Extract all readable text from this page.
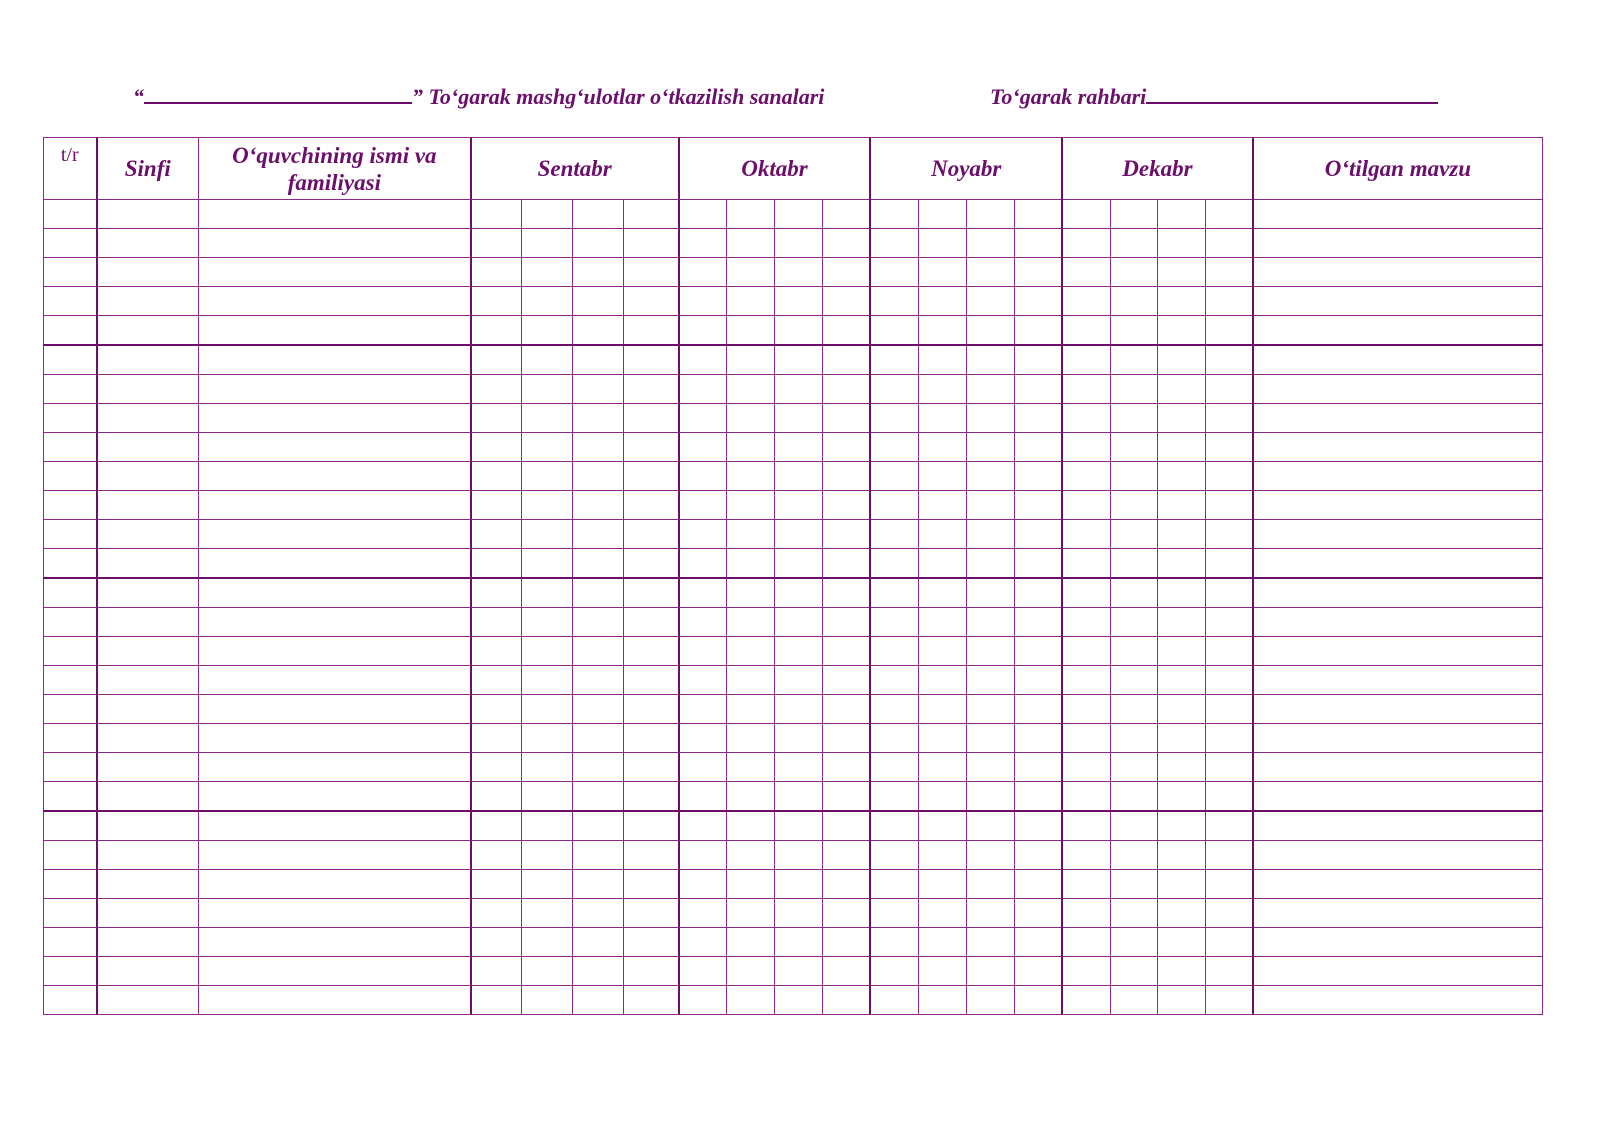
“	” To‘garak mashg‘ulotlar o‘tkazilish sanalari	To‘garak rahbari
t/r	Sinfi	O‘quvchining ismi va familiyasi	Sentabr				Oktabr				Noyabr				Dekabr				O‘tilgan mavzu
